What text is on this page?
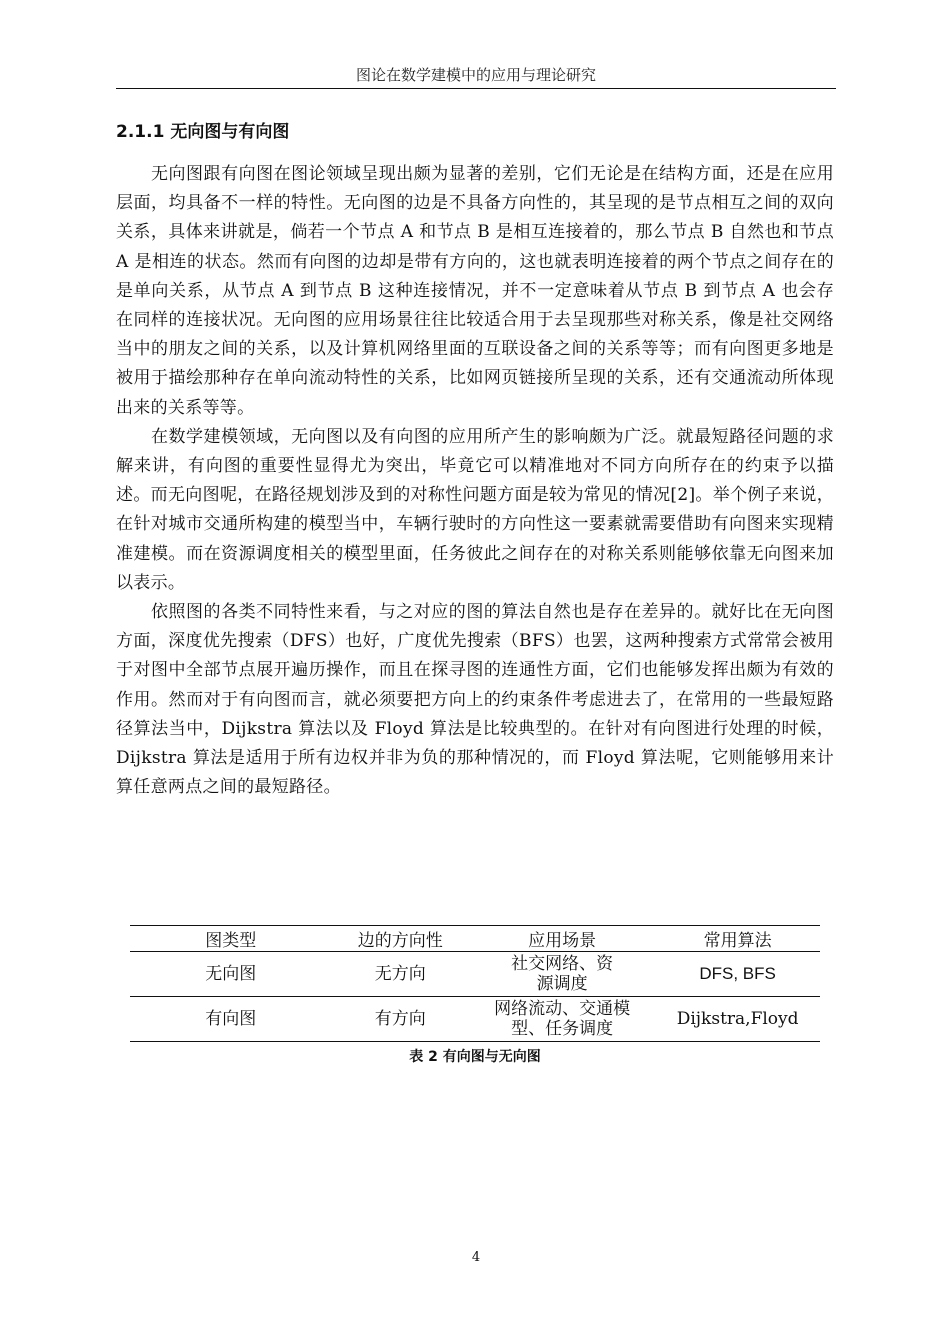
图论在数学建模中的应用与理论研究
2.1.1 无向图与有向图

无向图跟有向图在图论领域呈现出颇为显著的差别，它们无论是在结构方面，还是在应用层面，均具备不一样的特性。无向图的边是不具备方向性的，其呈现的是节点相互之间的双向关系，具体来讲就是，倘若一个节点 A 和节点 B 是相互连接着的，那么节点 B 自然也和节点 A 是相连的状态。然而有向图的边却是带有方向的，这也就表明连接着的两个节点之间存在的是单向关系，从节点 A 到节点 B 这种连接情况，并不一定意味着从节点 B 到节点 A 也会存在同样的连接状况。无向图的应用场景往往比较适合用于去呈现那些对称关系，像是社交网络当中的朋友之间的关系，以及计算机网络里面的互联设备之间的关系等等；而有向图更多地是被用于描绘那种存在单向流动特性的关系，比如网页链接所呈现的关系，还有交通流动所体现出来的关系等等。

在数学建模领域，无向图以及有向图的应用所产生的影响颇为广泛。就最短路径问题的求解来讲，有向图的重要性显得尤为突出，毕竟它可以精准地对不同方向所存在的约束予以描述。而无向图呢，在路径规划涉及到的对称性问题方面是较为常见的情况[2]。举个例子来说，在针对城市交通所构建的模型当中，车辆行驶时的方向性这一要素就需要借助有向图来实现精准建模。而在资源调度相关的模型里面，任务彼此之间存在的对称关系则能够依靠无向图来加以表示。

依照图的各类不同特性来看，与之对应的图的算法自然也是存在差异的。就好比在无向图方面，深度优先搜索（DFS）也好，广度优先搜索（BFS）也罢，这两种搜索方式常常会被用于对图中全部节点展开遍历操作，而且在探寻图的连通性方面，它们也能够发挥出颇为有效的作用。然而对于有向图而言，就必须要把方向上的约束条件考虑进去了，在常用的一些最短路径算法当中，Dijkstra 算法以及 Floyd 算法是比较典型的。在针对有向图进行处理的时候，Dijkstra 算法是适用于所有边权并非为负的那种情况的，而 Floyd 算法呢，它则能够用来计算任意两点之间的最短路径。

图类型	边的方向性	应用场景	常用算法
无向图	无方向	社交网络、资源调度	DFS, BFS
有向图	有方向	网络流动、交通模型、任务调度	Dijkstra,Floyd
表 2 有向图与无向图
4
